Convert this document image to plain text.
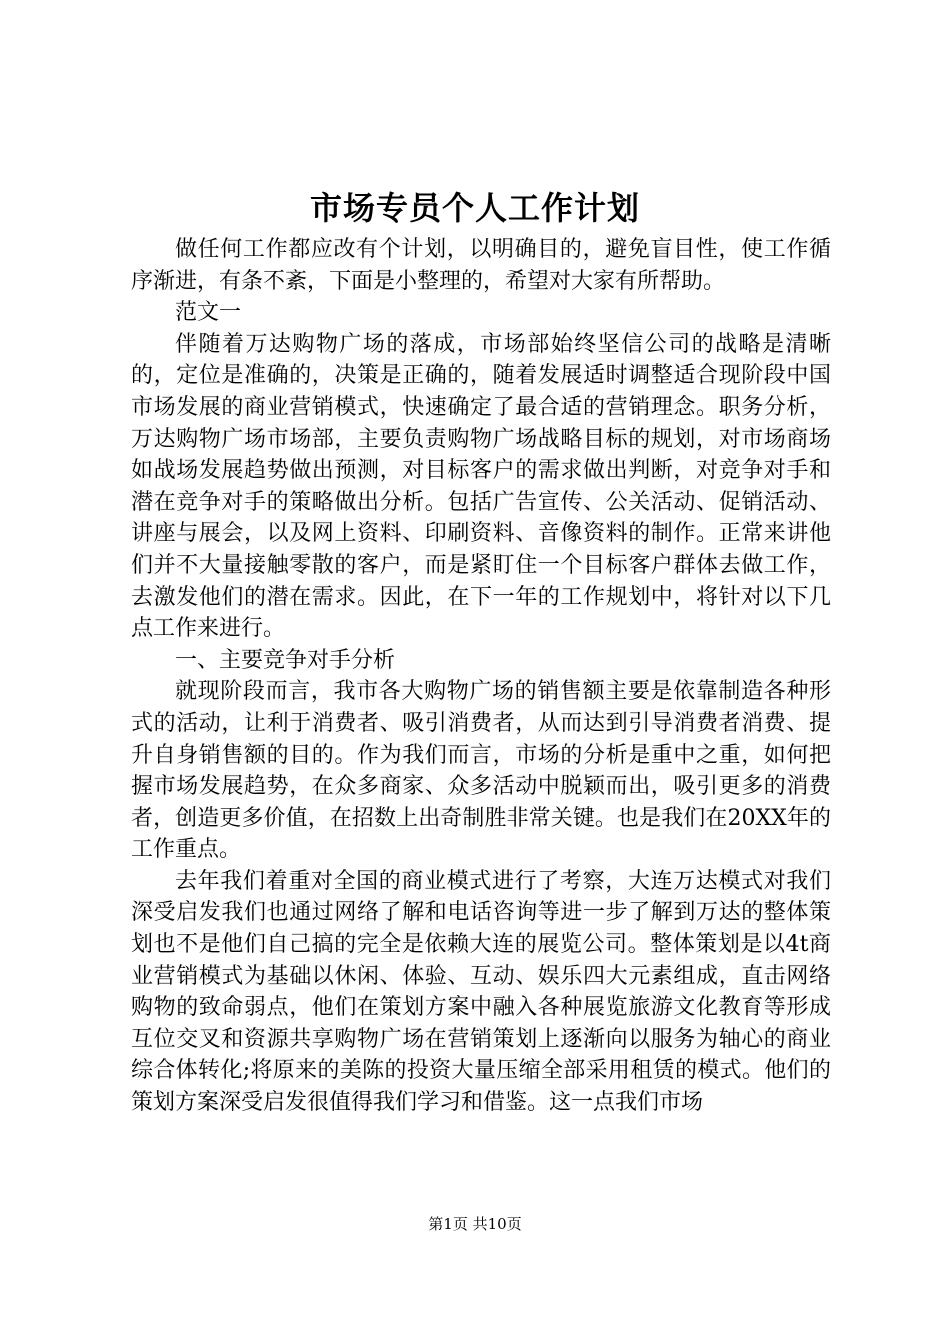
市场专员个人工作计划

做任何工作都应改有个计划，以明确目的，避免盲目性，使工作循序渐进，有条不紊，下面是小整理的，希望对大家有所帮助。

范文一

伴随着万达购物广场的落成，市场部始终坚信公司的战略是清晰的，定位是准确的，决策是正确的，随着发展适时调整适合现阶段中国市场发展的商业营销模式，快速确定了最合适的营销理念。职务分析，万达购物广场市场部，主要负责购物广场战略目标的规划，对市场商场如战场发展趋势做出预测，对目标客户的需求做出判断，对竞争对手和潜在竞争对手的策略做出分析。包括广告宣传、公关活动、促销活动、讲座与展会，以及网上资料、印刷资料、音像资料的制作。正常来讲他们并不大量接触零散的客户，而是紧盯住一个目标客户群体去做工作，去激发他们的潜在需求。因此，在下一年的工作规划中，将针对以下几点工作来进行。

一、主要竞争对手分析

就现阶段而言，我市各大购物广场的销售额主要是依靠制造各种形式的活动，让利于消费者、吸引消费者，从而达到引导消费者消费、提升自身销售额的目的。作为我们而言，市场的分析是重中之重，如何把握市场发展趋势，在众多商家、众多活动中脱颖而出，吸引更多的消费者，创造更多价值，在招数上出奇制胜非常关键。也是我们在20XX年的工作重点。

去年我们着重对全国的商业模式进行了考察，大连万达模式对我们深受启发我们也通过网络了解和电话咨询等进一步了解到万达的整体策划也不是他们自己搞的完全是依赖大连的展览公司。整体策划是以4t商业营销模式为基础以休闲、体验、互动、娱乐四大元素组成，直击网络购物的致命弱点，他们在策划方案中融入各种展览旅游文化教育等形成互位交叉和资源共享购物广场在营销策划上逐渐向以服务为轴心的商业综合体转化;将原来的美陈的投资大量压缩全部采用租赁的模式。他们的策划方案深受启发很值得我们学习和借鉴。这一点我们市场

第1页 共10页
